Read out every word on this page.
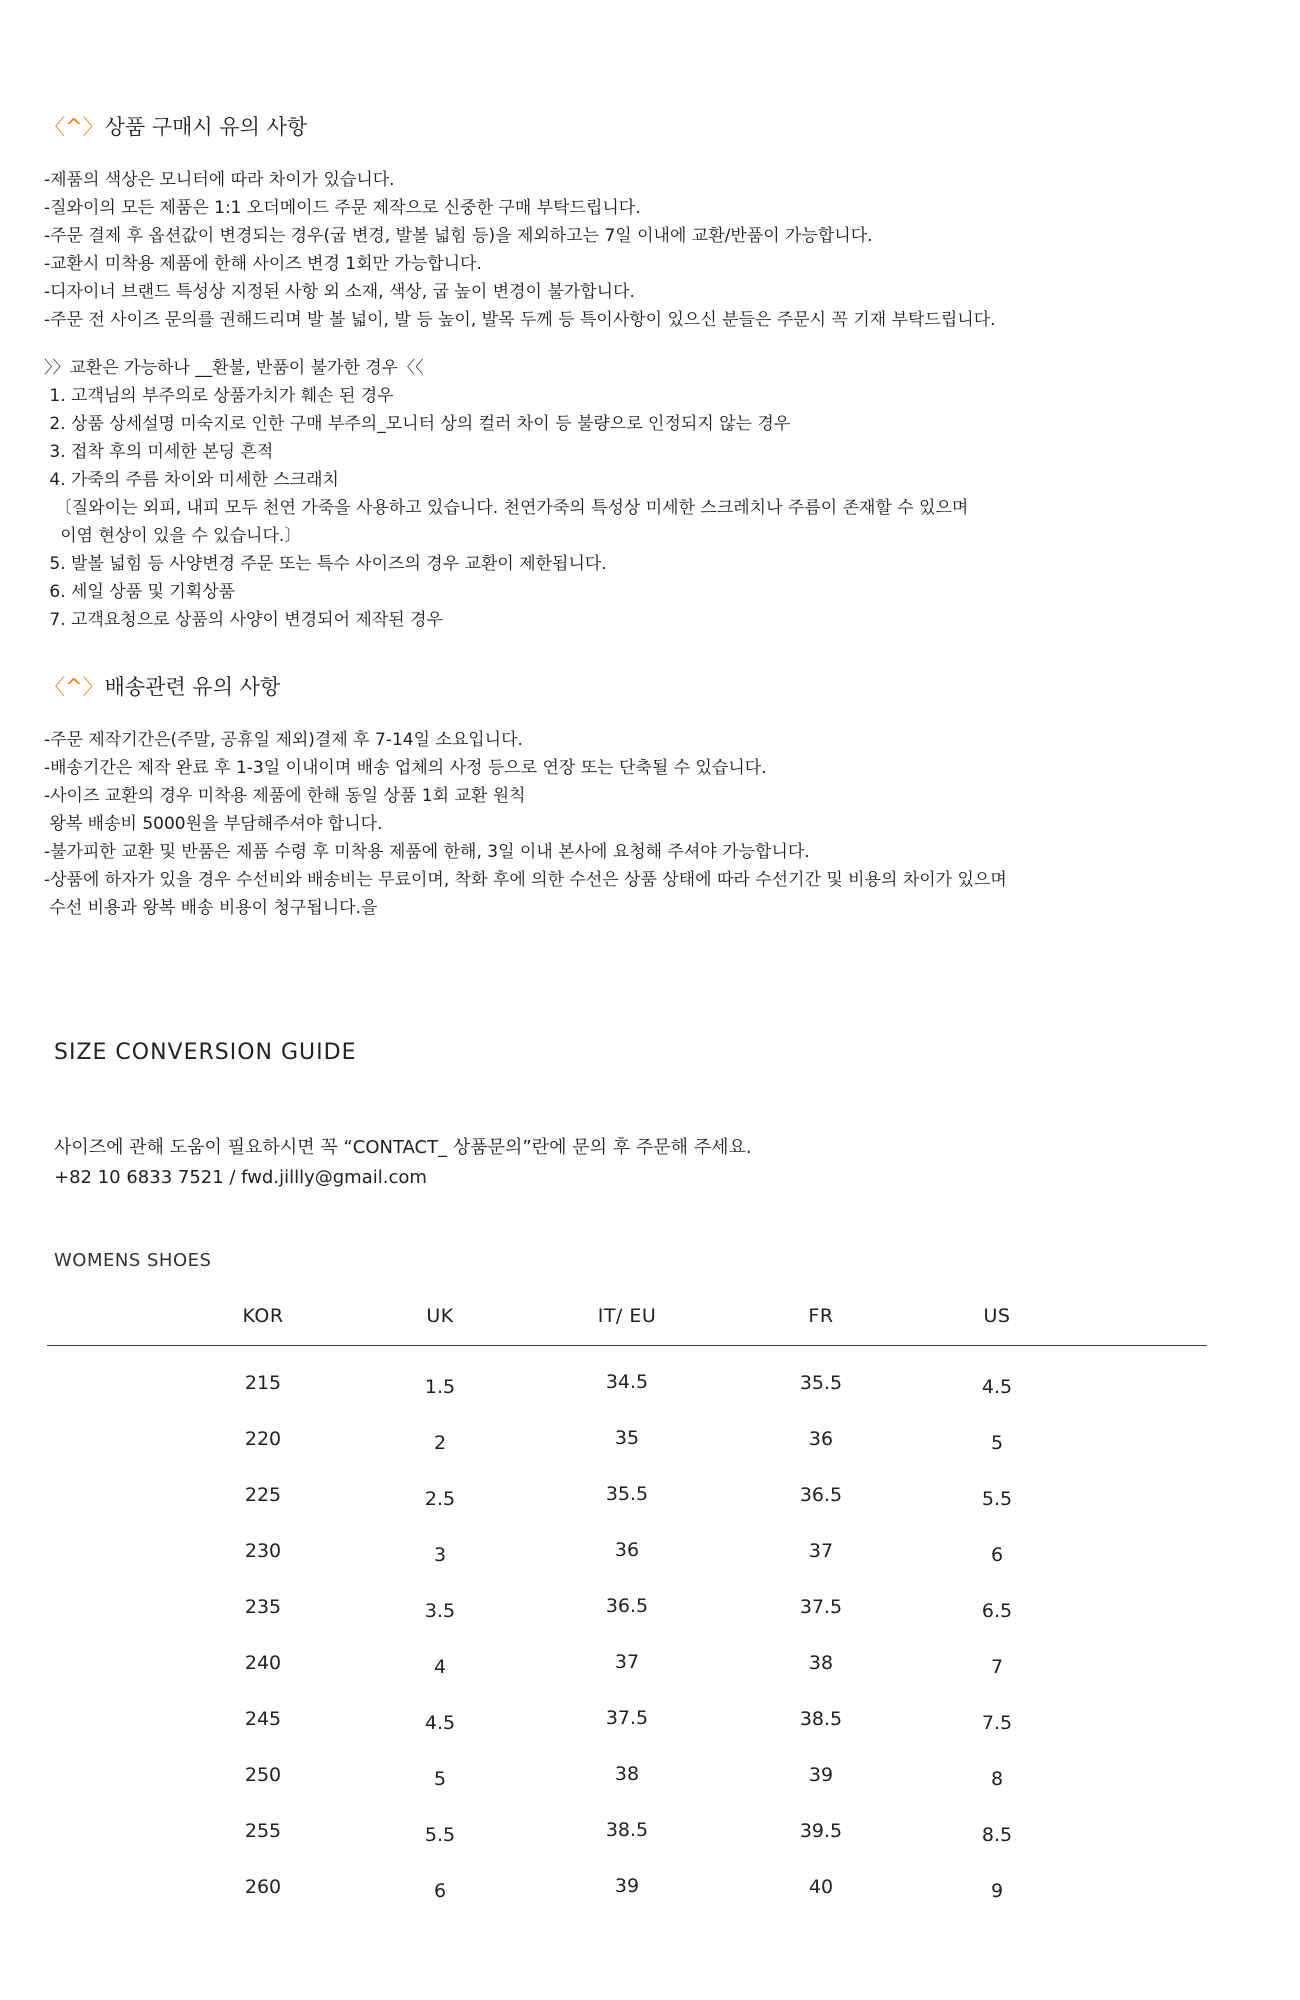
〈^〉 상품 구매시 유의 사항
-제품의 색상은 모니터에 따라 차이가 있습니다.
-질와이의 모든 제품은 1:1 오더메이드 주문 제작으로 신중한 구매 부탁드립니다.
-주문 결제 후 옵션값이 변경되는 경우(굽 변경, 발볼 넓힘 등)을 제외하고는 7일 이내에 교환/반품이 가능합니다.
-교환시 미착용 제품에 한해 사이즈 변경 1회만 가능합니다.
-디자이너 브랜드 특성상 지정된 사항 외 소재, 색상, 굽 높이 변경이 불가합니다.
-주문 전 사이즈 문의를 권해드리며 발 볼 넓이, 발 등 높이, 발목 두께 등 특이사항이 있으신 분들은 주문시 꼭 기재 부탁드립니다.
〉〉교환은 가능하나 __환불, 반품이 불가한 경우〈〈
1. 고객님의 부주의로 상품가치가 훼손 된 경우
2. 상품 상세설명 미숙지로 인한 구매 부주의_모니터 상의 컬러 차이 등 불량으로 인정되지 않는 경우
3. 접착 후의 미세한 본딩 흔적
4. 가죽의 주름 차이와 미세한 스크래치
〔질와이는 외피, 내피 모두 천연 가죽을 사용하고 있습니다. 천연가죽의 특성상 미세한 스크레치나 주름이 존재할 수 있으며
이염 현상이 있을 수 있습니다.〕
5. 발볼 넓힘 등 사양변경 주문 또는 특수 사이즈의 경우 교환이 제한됩니다.
6. 세일 상품 및 기획상품
7. 고객요청으로 상품의 사양이 변경되어 제작된 경우
〈^〉 배송관련 유의 사항
-주문 제작기간은(주말, 공휴일 제외)결제 후 7-14일 소요입니다.
-배송기간은 제작 완료 후 1-3일 이내이며 배송 업체의 사정 등으로 연장 또는 단축될 수 있습니다.
-사이즈 교환의 경우 미착용 제품에 한해 동일 상품 1회 교환 원칙
왕복 배송비 5000원을 부담해주셔야 합니다.
-불가피한 교환 및 반품은 제품 수령 후 미착용 제품에 한해, 3일 이내 본사에 요청해 주셔야 가능합니다.
-상품에 하자가 있을 경우 수선비와 배송비는 무료이며, 착화 후에 의한 수선은 상품 상태에 따라 수선기간 및 비용의 차이가 있으며
수선 비용과 왕복 배송 비용이 청구됩니다.을
SIZE CONVERSION GUIDE
사이즈에 관해 도움이 필요하시면 꼭 “CONTACT_ 상품문의”란에 문의 후 주문해 주세요.
+82 10 6833 7521 / fwd.jillly@gmail.com
WOMENS SHOES
KOR	UK	IT/ EU	FR	US
215	1.5	34.5	35.5	4.5
220	2	35	36	5
225	2.5	35.5	36.5	5.5
230	3	36	37	6
235	3.5	36.5	37.5	6.5
240	4	37	38	7
245	4.5	37.5	38.5	7.5
250	5	38	39	8
255	5.5	38.5	39.5	8.5
260	6	39	40	9
